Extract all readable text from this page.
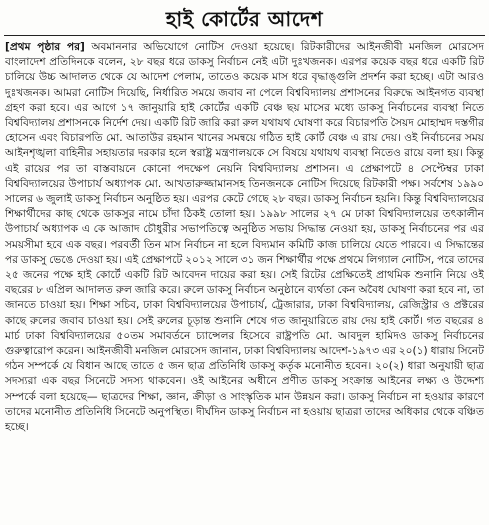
হাই কোর্টের আদেশ

[প্রথম পৃষ্ঠার পর] অবমাননার অভিযোগে নোটিস দেওয়া হয়েছে। রিটকারীদের আইনজীবী মনজিল মোরসেদ বাংলাদেশ প্রতিদিনকে বলেন, ২৮ বছর ধরে ডাকসু নির্বাচন নেই এটা দুঃখজনক। এরপর কয়েক বছর ধরে একটি রিট চালিয়ে উচ্চ আদালত থেকে যে আদেশ পেলাম, তাতেও কয়েক মাস ধরে বৃদ্ধাঙ্গুলি প্রদর্শন করা হচ্ছে। এটা আরও দুঃখজনক। আমরা নোটিস দিয়েছি, নির্ধারিত সময়ে জবাব না পেলে বিশ্ববিদ্যালয় প্রশাসনের বিরুদ্ধে আইনগত ব্যবস্থা গ্রহণ করা হবে। এর আগে ১৭ জানুয়ারি হাই কোর্টের একটি বেঞ্চ ছয় মাসের মধ্যে ডাকসু নির্বাচনের ব্যবস্থা নিতে বিশ্ববিদ্যালয় প্রশাসনকে নির্দেশ দেয়। একটি রিট জারি করা রুল যথাযথ ঘোষণা করে বিচারপতি সৈয়দ মোহাম্মদ দস্তগীর হোসেন এবং বিচারপতি মো. আতাউর রহমান খানের সমন্বয়ে গঠিত হাই কোর্ট বেঞ্চ এ রায় দেয়। ওই নির্বাচনের সময় আইনশৃঙ্খলা বাহিনীর সহায়তার দরকার হলে স্বরাষ্ট্র মন্ত্রণালয়কে সে বিষয়ে যথাযথ ব্যবস্থা নিতেও রায়ে বলা হয়। কিন্তু এই রায়ের পর তা বাস্তবায়নে কোনো পদক্ষেপ নেয়নি বিশ্ববিদ্যালয় প্রশাসন। এ প্রেক্ষাপটে ৪ সেপ্টেম্বর ঢাকা বিশ্ববিদ্যালয়ের উপাচার্য অধ্যাপক মো. আখতারুজ্জামানসহ তিনজনকে নোটিস দিয়েছে রিটকারী পক্ষ। সর্বশেষ ১৯৯০ সালের ৬ জুলাই ডাকসু নির্বাচন অনুষ্ঠিত হয়। এরপর কেটে গেছে ২৮ বছর। ডাকসু নির্বাচন হয়নি। কিন্তু বিশ্ববিদ্যালয়ের শিক্ষার্থীদের কাছ থেকে ডাকসুর নামে চাঁদা ঠিকই তোলা হয়। ১৯৯৮ সালের ২৭ মে ঢাকা বিশ্ববিদ্যালয়ের তৎকালীন উপাচার্য অধ্যাপক এ কে আজাদ চৌধুরীর সভাপতিত্বে অনুষ্ঠিত সভায় সিদ্ধান্ত নেওয়া হয়, ডাকসু নির্বাচনের পর এর সময়সীমা হবে এক বছর। পরবর্তী তিন মাস নির্বাচন না হলে বিদ্যমান কমিটি কাজ চালিয়ে যেতে পারবে। এ সিদ্ধান্তের পর ডাকসু ভেঙে দেওয়া হয়। এই প্রেক্ষাপটে ২০১২ সালে ৩১ জন শিক্ষার্থীর পক্ষে প্রথমে লিগ্যাল নোটিস, পরে তাদের ২৫ জনের পক্ষে হাই কোর্টে একটি রিট আবেদন দায়ের করা হয়। সেই রিটের প্রেক্ষিতেই প্রাথমিক শুনানি নিয়ে ওই বছরের ৮ এপ্রিল আদালত রুল জারি করে। রুলে ডাকসু নির্বাচন অনুষ্ঠানে ব্যর্থতা কেন অবৈধ ঘোষণা করা হবে না, তা জানতে চাওয়া হয়। শিক্ষা সচিব, ঢাকা বিশ্ববিদ্যালয়ের উপাচার্য, ট্রেজারার, ঢাকা বিশ্ববিদ্যালয়, রেজিস্ট্রার ও প্রক্টরের কাছে রুলের জবাব চাওয়া হয়। সেই রুলের চূড়ান্ত শুনানি শেষে গত জানুয়ারিতে রায় দেয় হাই কোর্ট। গত বছরের ৪ মার্চ ঢাকা বিশ্ববিদ্যালয়ের ৫০তম সমাবর্তনে চ্যান্সেলর হিসেবে রাষ্ট্রপতি মো. আবদুল হামিদও ডাকসু নির্বাচনের গুরুত্বারোপ করেন। আইনজীবী মনজিল মোরসেদ জানান, ঢাকা বিশ্ববিদ্যালয় আদেশ-১৯৭৩ এর ২০(১) ধারায় সিনেট গঠন সম্পর্কে যে বিধান আছে তাতে ৫ জন ছাত্র প্রতিনিধি ডাকসু কর্তৃক মনোনীত হবেন। ২০(২) ধারা অনুযায়ী ছাত্র সদস্যরা এক বছর সিনেটে সদস্য থাকবেন। ওই আইনের অধীনে প্রণীত ডাকসু সংক্রান্ত আইনের লক্ষ্য ও উদ্দেশ্য সম্পর্কে বলা হয়েছে— ছাত্রদের শিক্ষা, জ্ঞান, ক্রীড়া ও সাংস্কৃতিক মান উন্নয়ন করা। ডাকসু নির্বাচন না হওয়ার কারণে তাদের মনোনীত প্রতিনিধি সিনেটে অনুপস্থিত। দীর্ঘদিন ডাকসু নির্বাচন না হওয়ায় ছাত্ররা তাদের অধিকার থেকে বঞ্চিত হচ্ছে।
